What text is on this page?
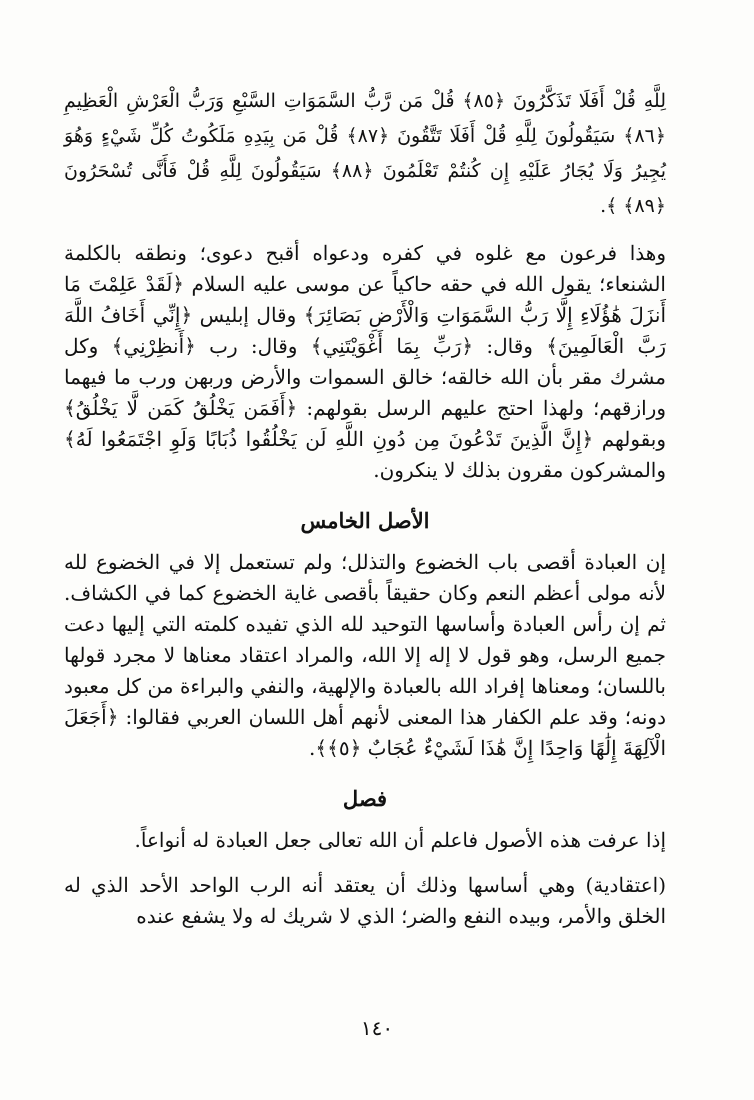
لِلَّهِ قُلْ أَفَلَا تَذَكَّرُونَ ﴿٨٥﴾ قُلْ مَن رَّبُّ السَّمَوَاتِ السَّبْعِ وَرَبُّ الْعَرْشِ الْعَظِيمِ ﴿٨٦﴾ سَيَقُولُونَ لِلَّهِ قُلْ أَفَلَا تَتَّقُونَ ﴿٨٧﴾ قُلْ مَن بِيَدِهِ مَلَكُوتُ كُلِّ شَيْءٍ وَهُوَ يُجِيرُ وَلَا يُجَارُ عَلَيْهِ إِن كُنتُمْ تَعْلَمُونَ ﴿٨٨﴾ سَيَقُولُونَ لِلَّهِ قُلْ فَأَنَّى تُسْحَرُونَ ﴿٨٩﴾ ﴾.

وهذا فرعون مع غلوه في كفره ودعواه أقبح دعوى؛ ونطقه بالكلمة الشنعاء؛ يقول الله في حقه حاكياً عن موسى عليه السلام ﴿لَقَدْ عَلِمْتَ مَا أَنزَلَ هَٰؤُلَاءِ إِلَّا رَبُّ السَّمَوَاتِ وَالْأَرْضِ بَصَائِرَ﴾ وقال إبليس ﴿إِنِّي أَخَافُ اللَّهَ رَبَّ الْعَالَمِينَ﴾ وقال: ﴿رَبِّ بِمَا أَغْوَيْتَنِي﴾ وقال: رب ﴿أَنظِرْنِي﴾ وكل مشرك مقر بأن الله خالقه؛ خالق السموات والأرض وربهن ورب ما فيهما ورازقهم؛ ولهذا احتج عليهم الرسل بقولهم: ﴿أَفَمَن يَخْلُقُ كَمَن لَّا يَخْلُقُ﴾ وبقولهم ﴿إِنَّ الَّذِينَ تَدْعُونَ مِن دُونِ اللَّهِ لَن يَخْلُقُوا ذُبَابًا وَلَوِ اجْتَمَعُوا لَهُ﴾ والمشركون مقرون بذلك لا ينكرون.

الأصل الخامس

إن العبادة أقصى باب الخضوع والتذلل؛ ولم تستعمل إلا في الخضوع لله لأنه مولى أعظم النعم وكان حقيقاً بأقصى غاية الخضوع كما في الكشاف. ثم إن رأس العبادة وأساسها التوحيد لله الذي تفيده كلمته التي إليها دعت جميع الرسل، وهو قول لا إله إلا الله، والمراد اعتقاد معناها لا مجرد قولها باللسان؛ ومعناها إفراد الله بالعبادة والإلهية، والنفي والبراءة من كل معبود دونه؛ وقد علم الكفار هذا المعنى لأنهم أهل اللسان العربي فقالوا: ﴿أَجَعَلَ الْآلِهَةَ إِلَٰهًا وَاحِدًا إِنَّ هَٰذَا لَشَيْءٌ عُجَابٌ ﴿٥﴾﴾.

فصل

إذا عرفت هذه الأصول فاعلم أن الله تعالى جعل العبادة له أنواعاً.

(اعتقادية) وهي أساسها وذلك أن يعتقد أنه الرب الواحد الأحد الذي له الخلق والأمر، وبيده النفع والضر؛ الذي لا شريك له ولا يشفع عنده

١٤٠
